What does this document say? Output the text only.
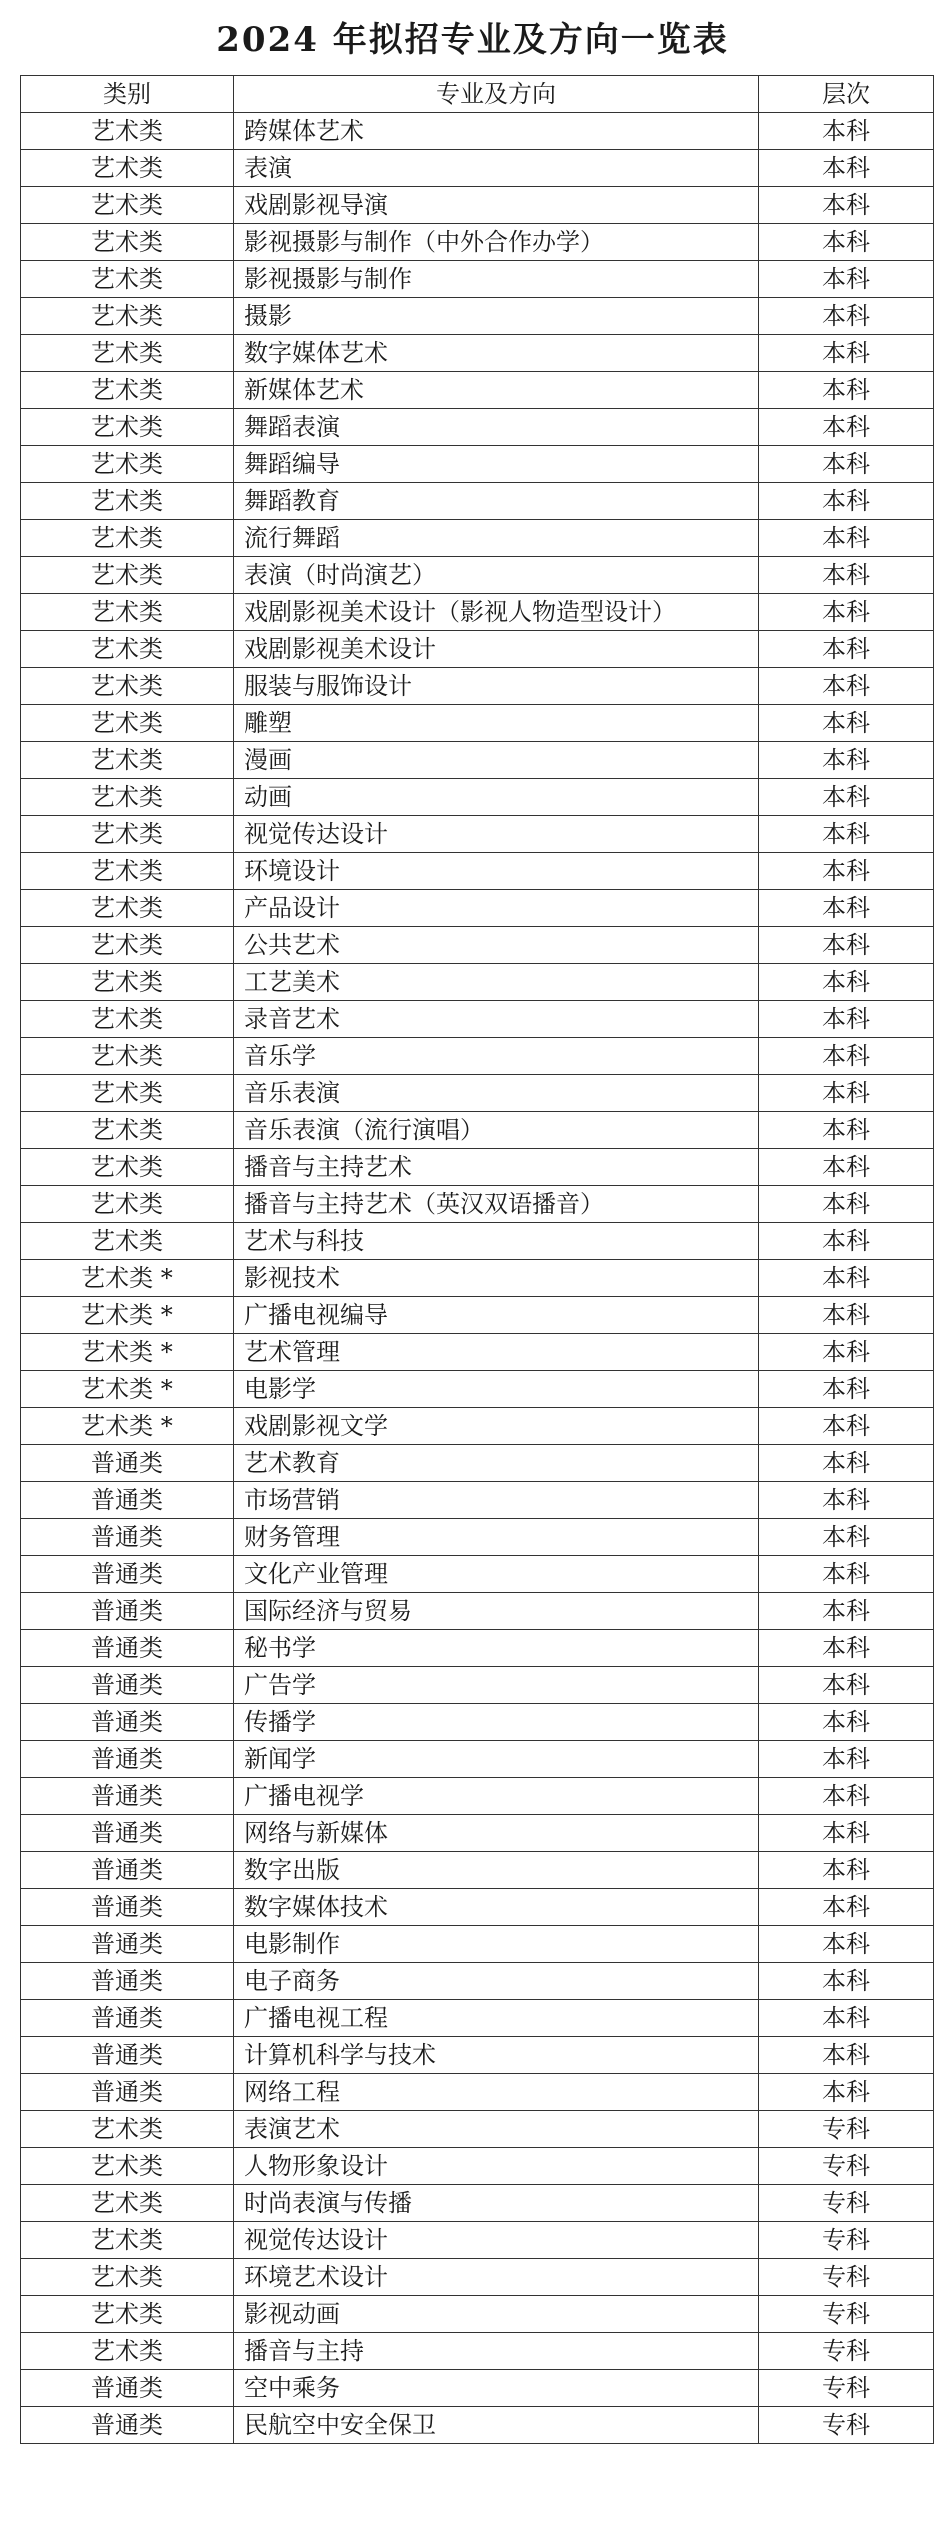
2024 年拟招专业及方向一览表
类别	专业及方向	层次
艺术类	跨媒体艺术	本科
艺术类	表演	本科
艺术类	戏剧影视导演	本科
艺术类	影视摄影与制作（中外合作办学）	本科
艺术类	影视摄影与制作	本科
艺术类	摄影	本科
艺术类	数字媒体艺术	本科
艺术类	新媒体艺术	本科
艺术类	舞蹈表演	本科
艺术类	舞蹈编导	本科
艺术类	舞蹈教育	本科
艺术类	流行舞蹈	本科
艺术类	表演（时尚演艺）	本科
艺术类	戏剧影视美术设计（影视人物造型设计）	本科
艺术类	戏剧影视美术设计	本科
艺术类	服装与服饰设计	本科
艺术类	雕塑	本科
艺术类	漫画	本科
艺术类	动画	本科
艺术类	视觉传达设计	本科
艺术类	环境设计	本科
艺术类	产品设计	本科
艺术类	公共艺术	本科
艺术类	工艺美术	本科
艺术类	录音艺术	本科
艺术类	音乐学	本科
艺术类	音乐表演	本科
艺术类	音乐表演（流行演唱）	本科
艺术类	播音与主持艺术	本科
艺术类	播音与主持艺术（英汉双语播音）	本科
艺术类	艺术与科技	本科
艺术类 *	影视技术	本科
艺术类 *	广播电视编导	本科
艺术类 *	艺术管理	本科
艺术类 *	电影学	本科
艺术类 *	戏剧影视文学	本科
普通类	艺术教育	本科
普通类	市场营销	本科
普通类	财务管理	本科
普通类	文化产业管理	本科
普通类	国际经济与贸易	本科
普通类	秘书学	本科
普通类	广告学	本科
普通类	传播学	本科
普通类	新闻学	本科
普通类	广播电视学	本科
普通类	网络与新媒体	本科
普通类	数字出版	本科
普通类	数字媒体技术	本科
普通类	电影制作	本科
普通类	电子商务	本科
普通类	广播电视工程	本科
普通类	计算机科学与技术	本科
普通类	网络工程	本科
艺术类	表演艺术	专科
艺术类	人物形象设计	专科
艺术类	时尚表演与传播	专科
艺术类	视觉传达设计	专科
艺术类	环境艺术设计	专科
艺术类	影视动画	专科
艺术类	播音与主持	专科
普通类	空中乘务	专科
普通类	民航空中安全保卫	专科
